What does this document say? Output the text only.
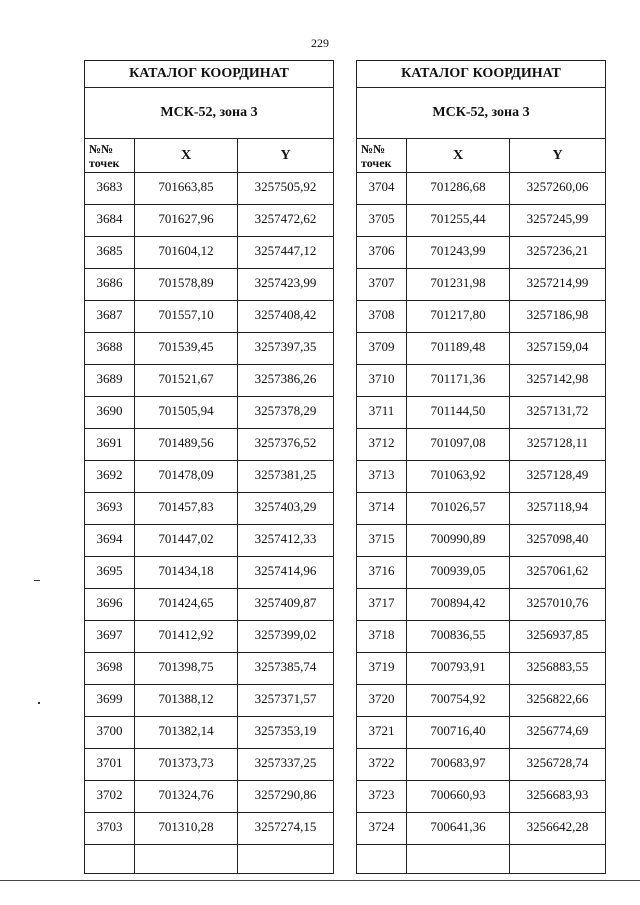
229
КАТАЛОГ КООРДИНАТ		
МСК-52, зона 3		
№№ точек	X	Y
3683	701663,85	3257505,92
3684	701627,96	3257472,62
3685	701604,12	3257447,12
3686	701578,89	3257423,99
3687	701557,10	3257408,42
3688	701539,45	3257397,35
3689	701521,67	3257386,26
3690	701505,94	3257378,29
3691	701489,56	3257376,52
3692	701478,09	3257381,25
3693	701457,83	3257403,29
3694	701447,02	3257412,33
3695	701434,18	3257414,96
3696	701424,65	3257409,87
3697	701412,92	3257399,02
3698	701398,75	3257385,74
3699	701388,12	3257371,57
3700	701382,14	3257353,19
3701	701373,73	3257337,25
3702	701324,76	3257290,86
3703	701310,28	3257274,15

КАТАЛОГ КООРДИНАТ		
МСК-52, зона 3		
№№ точек	X	Y
3704	701286,68	3257260,06
3705	701255,44	3257245,99
3706	701243,99	3257236,21
3707	701231,98	3257214,99
3708	701217,80	3257186,98
3709	701189,48	3257159,04
3710	701171,36	3257142,98
3711	701144,50	3257131,72
3712	701097,08	3257128,11
3713	701063,92	3257128,49
3714	701026,57	3257118,94
3715	700990,89	3257098,40
3716	700939,05	3257061,62
3717	700894,42	3257010,76
3718	700836,55	3256937,85
3719	700793,91	3256883,55
3720	700754,92	3256822,66
3721	700716,40	3256774,69
3722	700683,97	3256728,74
3723	700660,93	3256683,93
3724	700641,36	3256642,28
